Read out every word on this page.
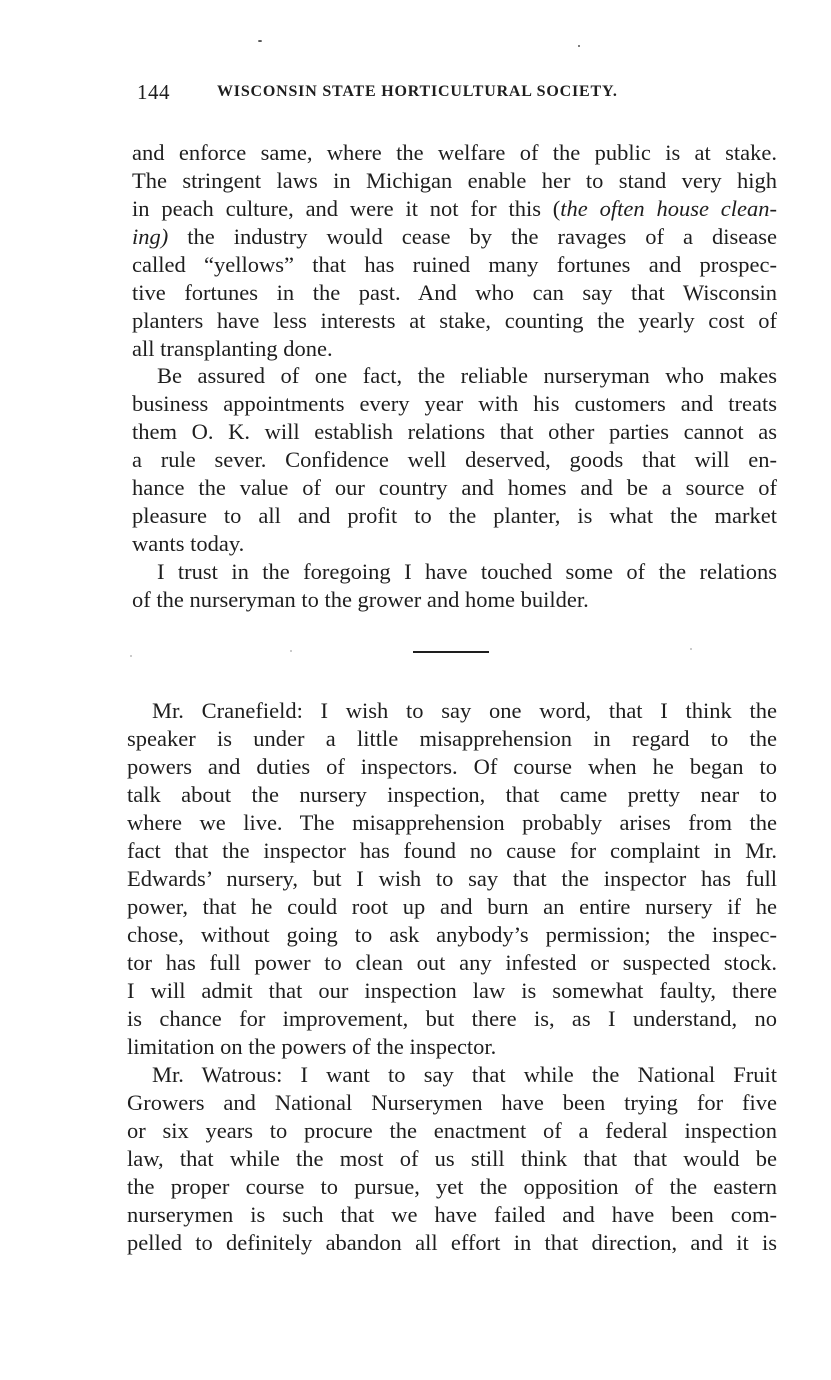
144	WISCONSIN STATE HORTICULTURAL SOCIETY.
and enforce same, where the welfare of the public is at stake.
The stringent laws in Michigan enable her to stand very high
in peach culture, and were it not for this (the often house clean-
ing) the industry would cease by the ravages of a disease
called “yellows” that has ruined many fortunes and prospec-
tive fortunes in the past. And who can say that Wisconsin
planters have less interests at stake, counting the yearly cost of
all transplanting done.
Be assured of one fact, the reliable nurseryman who makes
business appointments every year with his customers and treats
them O. K. will establish relations that other parties cannot as
a rule sever. Confidence well deserved, goods that will en-
hance the value of our country and homes and be a source of
pleasure to all and profit to the planter, is what the market
wants today.
I trust in the foregoing I have touched some of the relations
of the nurseryman to the grower and home builder.
Mr. Cranefield: I wish to say one word, that I think the
speaker is under a little misapprehension in regard to the
powers and duties of inspectors. Of course when he began to
talk about the nursery inspection, that came pretty near to
where we live. The misapprehension probably arises from the
fact that the inspector has found no cause for complaint in Mr.
Edwards’ nursery, but I wish to say that the inspector has full
power, that he could root up and burn an entire nursery if he
chose, without going to ask anybody’s permission; the inspec-
tor has full power to clean out any infested or suspected stock.
I will admit that our inspection law is somewhat faulty, there
is chance for improvement, but there is, as I understand, no
limitation on the powers of the inspector.
Mr. Watrous: I want to say that while the National Fruit
Growers and National Nurserymen have been trying for five
or six years to procure the enactment of a federal inspection
law, that while the most of us still think that that would be
the proper course to pursue, yet the opposition of the eastern
nurserymen is such that we have failed and have been com-
pelled to definitely abandon all effort in that direction, and it is
